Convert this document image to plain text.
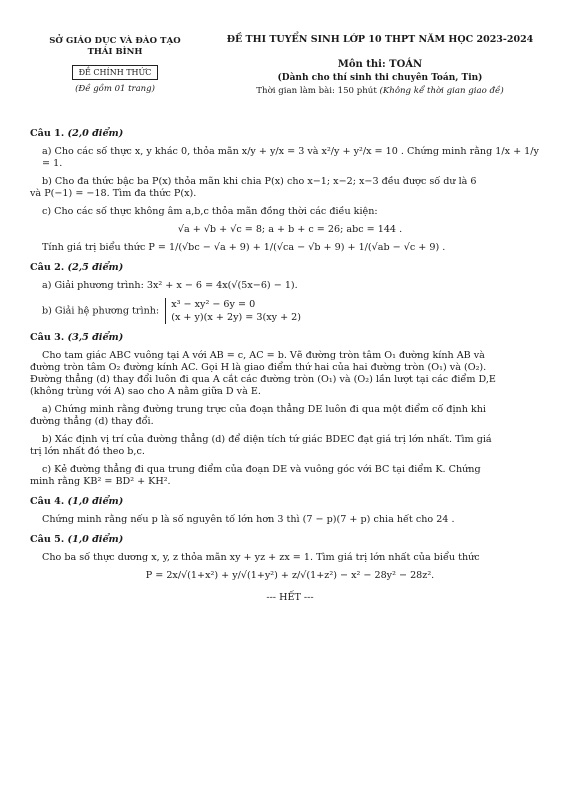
SỞ GIÁO DỤC VÀ ĐÀO TẠO
THÁI BÌNH
ĐỀ CHÍNH THỨC
(Đề gồm 01 trang)
ĐỀ THI TUYỂN SINH LỚP 10 THPT NĂM HỌC 2023-2024
Môn thi: TOÁN
(Dành cho thí sinh thi chuyên Toán, Tin)
Thời gian làm bài: 150 phút (Không kể thời gian giao đề)
Câu 1. (2,0 điểm)
a) Cho các số thực x, y khác 0, thỏa mãn x/y + y/x = 3 và x²/y + y²/x = 10 . Chứng minh rằng 1/x + 1/y = 1.
b) Cho đa thức bậc ba P(x) thỏa mãn khi chia P(x) cho x−1; x−2; x−3 đều được số dư là 6
và P(−1) = −18. Tìm đa thức P(x).
c) Cho các số thực không âm a,b,c thỏa mãn đồng thời các điều kiện:
√a + √b + √c = 8; a + b + c = 26; abc = 144 .
Tính giá trị biểu thức P = 1/(√bc − √a + 9) + 1/(√ca − √b + 9) + 1/(√ab − √c + 9) .
Câu 2. (2,5 điểm)
a) Giải phương trình: 3x² + x − 6 = 4x(√(5x−6) − 1).
b) Giải hệ phương trình:
x³ − xy² − 6y = 0
(x + y)(x + 2y) = 3(xy + 2)
Câu 3. (3,5 điểm)
Cho tam giác ABC vuông tại A với AB = c, AC = b. Vẽ đường tròn tâm O₁ đường kính AB và
đường tròn tâm O₂ đường kính AC. Gọi H là giao điểm thứ hai của hai đường tròn (O₁) và (O₂).
Đường thẳng (d) thay đổi luôn đi qua A cắt các đường tròn (O₁) và (O₂) lần lượt tại các điểm D,E
(không trùng với A) sao cho A nằm giữa D và E.
a) Chứng minh rằng đường trung trực của đoạn thẳng DE luôn đi qua một điểm cố định khi
đường thẳng (d) thay đổi.
b) Xác định vị trí của đường thẳng (d) để diện tích tứ giác BDEC đạt giá trị lớn nhất. Tìm giá
trị lớn nhất đó theo b,c.
c) Kẻ đường thẳng đi qua trung điểm của đoạn DE và vuông góc với BC tại điểm K. Chứng
minh rằng KB² = BD² + KH².
Câu 4. (1,0 điểm)
Chứng minh rằng nếu p là số nguyên tố lớn hơn 3 thì (7 − p)(7 + p) chia hết cho 24 .
Câu 5. (1,0 điểm)
Cho ba số thực dương x, y, z thỏa mãn xy + yz + zx = 1. Tìm giá trị lớn nhất của biểu thức
P = 2x/√(1+x²) + y/√(1+y²) + z/√(1+z²) − x² − 28y² − 28z².
--- HẾT ---
